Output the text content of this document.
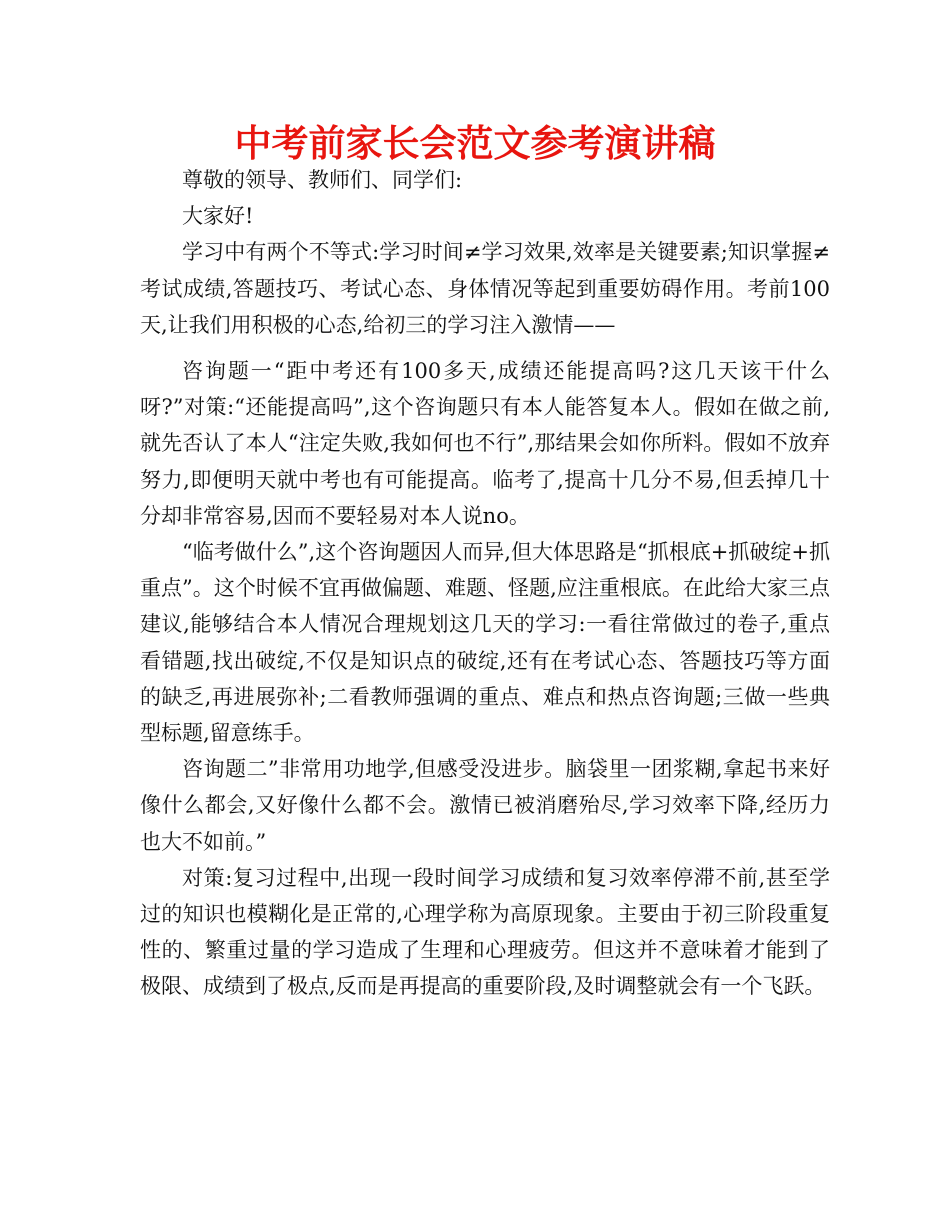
中考前家长会范文参考演讲稿

尊敬的领导、教师们、同学们:

大家好!

学习中有两个不等式:学习时间≠学习效果,效率是关键要素;知识掌握≠考试成绩,答题技巧、考试心态、身体情况等起到重要妨碍作用。考前100天,让我们用积极的心态,给初三的学习注入激情——

咨询题一“距中考还有100多天,成绩还能提高吗?这几天该干什么呀?”对策:“还能提高吗”,这个咨询题只有本人能答复本人。假如在做之前,就先否认了本人“注定失败,我如何也不行”,那结果会如你所料。假如不放弃努力,即便明天就中考也有可能提高。临考了,提高十几分不易,但丢掉几十分却非常容易,因而不要轻易对本人说no。

“临考做什么”,这个咨询题因人而异,但大体思路是“抓根底+抓破绽+抓重点”。这个时候不宜再做偏题、难题、怪题,应注重根底。在此给大家三点建议,能够结合本人情况合理规划这几天的学习:一看往常做过的卷子,重点看错题,找出破绽,不仅是知识点的破绽,还有在考试心态、答题技巧等方面的缺乏,再进展弥补;二看教师强调的重点、难点和热点咨询题;三做一些典型标题,留意练手。

咨询题二”非常用功地学,但感受没进步。脑袋里一团浆糊,拿起书来好像什么都会,又好像什么都不会。激情已被消磨殆尽,学习效率下降,经历力也大不如前。”

对策:复习过程中,出现一段时间学习成绩和复习效率停滞不前,甚至学过的知识也模糊化是正常的,心理学称为高原现象。主要由于初三阶段重复性的、繁重过量的学习造成了生理和心理疲劳。但这并不意味着才能到了极限、成绩到了极点,反而是再提高的重要阶段,及时调整就会有一个飞跃。
